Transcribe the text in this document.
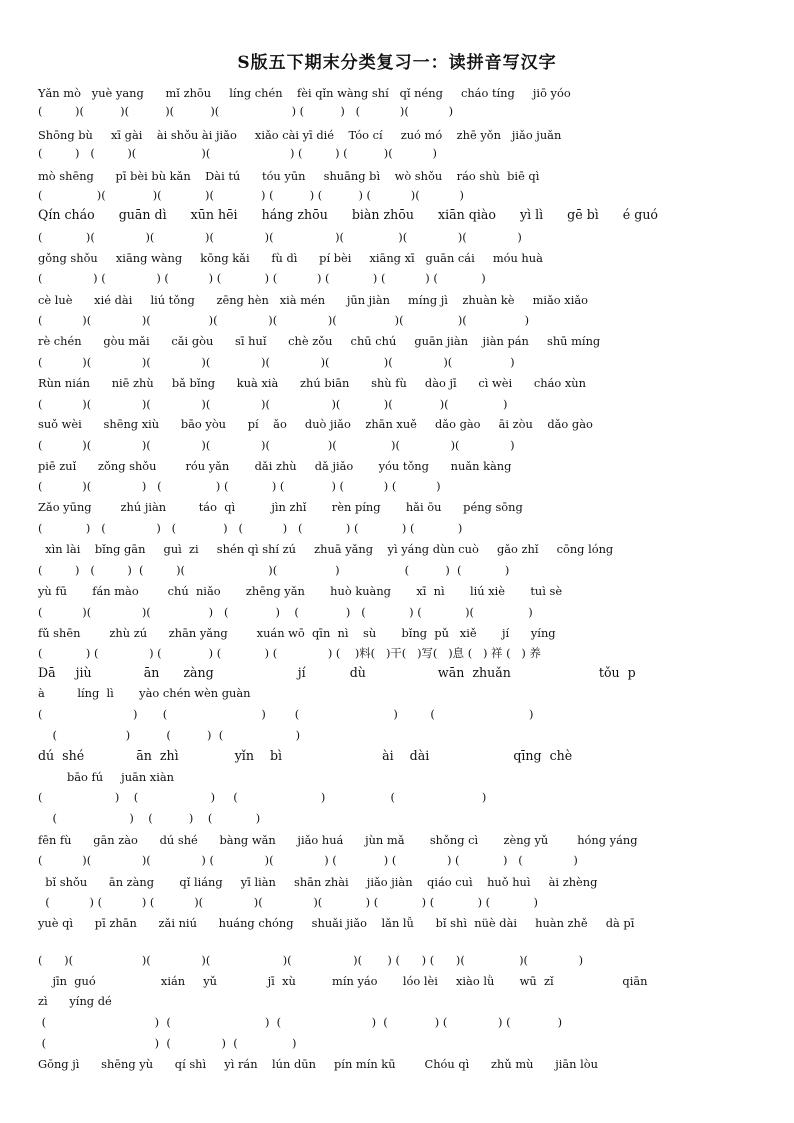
S版五下期末分类复习一：读拼音写汉字
Yǎn mò   yuè yang      mǐ zhōu     líng chén    fèi qǐn wàng shí   qǐ néng     cháo tíng     jiō yóo
(         )(          )(          )(          )(                    ) (          )   (           )(           )
Shōng bù     xī gài    ài shǒu ài jiǎo     xiǎo cài yī dié    Tóo cí     zuó mó    zhē yǒn   jiǎo juǎn
(         )   (         )(                  )(                      ) (         ) (          )(           )
mò shēng      pī bèi bù kǎn    Dài tú      tóu yūn     shuāng bì    wò shǒu    ráo shù  biē qì
(               )(             )(            )(             ) (          ) (          ) (           )(           )
Qín cháo      guān dì      xūn hēi      háng zhōu      biàn zhōu      xiān qiào      yì lì      gē bì      é guó
(            )(              )(              )(              )(                 )(               )(              )(              )
gǒng shǒu     xiāng wàng     kōng kǎi      fù dì      pí bèi     xiāng xī   guān cái     móu huà
(              ) (              ) (           ) (            ) (           ) (            ) (           ) (            )
cè luè      xié dài     liú tǒng      zēng hèn   xià mén      jūn jiàn     míng jì    zhuàn kè     miǎo xiǎo
(           )(              )(                )(              )(              )(                )(               )(                )
rè chén      gòu mǎi      cǎi gòu      sī huǐ      chè zǒu     chū chú     guān jiàn    jiàn pán     shū míng
(           )(              )(              )(              )(              )(               )(              )(                )
Rùn nián      niē zhù     bǎ bǐng      kuà xià      zhú biān      shù fù     dào jī      cì wèi      cháo xùn
(           )(              )(              )(              )(                 )(            )(             )(               )
suǒ wèi      shēng xiù      bāo yòu      pí    ǎo     duò jiǎo    zhān xuě     dǎo gào     āi zòu    dǎo gào
(           )(              )(              )(              )(                )(               )(              )(              )
piē zuǐ      zǒng shǒu        róu yǎn       dǎi zhù     dǎ jiǎo       yóu tǒng      nuǎn kàng
(           )(              )   (               ) (            ) (             ) (           ) (           )
Zǎo yūng        zhú jiàn         táo  qì          jìn zhǐ       rèn píng       hǎi ōu      péng sōng
(            )   (              )   (             )   (           )   (            ) (            ) (            )
xìn lài    bǐng gān     guì  zi     shén qì shí zú     zhuā yǎng    yì yáng dùn cuò     gǎo zhǐ     cōng lóng
(         )   (         )  (         )(                       )(                )                  (          )  (            )
yù fū       fán mào        chú  niǎo       zhēng yǎn       huò kuàng       xī  nì       liú xiè       tuì sè
(           )(              )(                )   (             )    (             )   (            ) (            )(               )
fǔ shēn        zhù zú      zhān yǎng        xuán wō  qīn  nì    sù       bǐng  pǔ   xiě       jí      yíng
(            ) (              ) (             ) (            ) (              ) (    )料(   )干(   )写(   )息 (   ) 祥 (   ) 养
Dā     jiù             ān      zàng                     jí           dù                  wān  zhuǎn                      tǒu  p
à         líng  lì       yào chén wèn guàn
(                         )       (                          )        (                          )         (                          )
(                   )          (          )  (                    )
dú  shé             ān  zhì              yǐn    bì                         ài    dài                     qīng  chè
bāo fú     juān xiàn
(                    )    (                    )     (                       )                  (                        )
(                    )    (          )    (            )
fēn fù      gān zào      dú shé      bàng wǎn      jiǎo huá      jùn mǎ       shǒng cì       zèng yǔ        hóng yáng
(           )(              )(              ) (              )(              ) (             ) (              ) (            )   (              )
bǐ shǒu      ān zàng       qǐ liáng     yī liàn     shān zhài     jiǎo jiàn    qiáo cuì    huǒ huì     ài zhèng
(           ) (           ) (           )(              )(              )(            ) (            ) (            ) (            )
yuè qì      pī zhān      zǎi niú      huáng chóng     shuǎi jiǎo    lǎn lǚ      bǐ shì  nüè dài     huàn zhě     dà pī
(      )(                   )(              )(                    )(                 )(       ) (      ) (      )(               )(              )
jīn  guó                  xián     yǔ              jī  xù          mín yáo       lóo lèi     xiào lǜ       wū  zǐ                   qiān
zì      yíng dé
(                              )  (                          )  (                         )  (             ) (              ) (             )
(                              )  (              )  (               )
Gōng jì      shēng yù      qí shì     yì rán    lún dūn     pín mín kū        Chóu qì      zhǔ mù      jiān lòu
